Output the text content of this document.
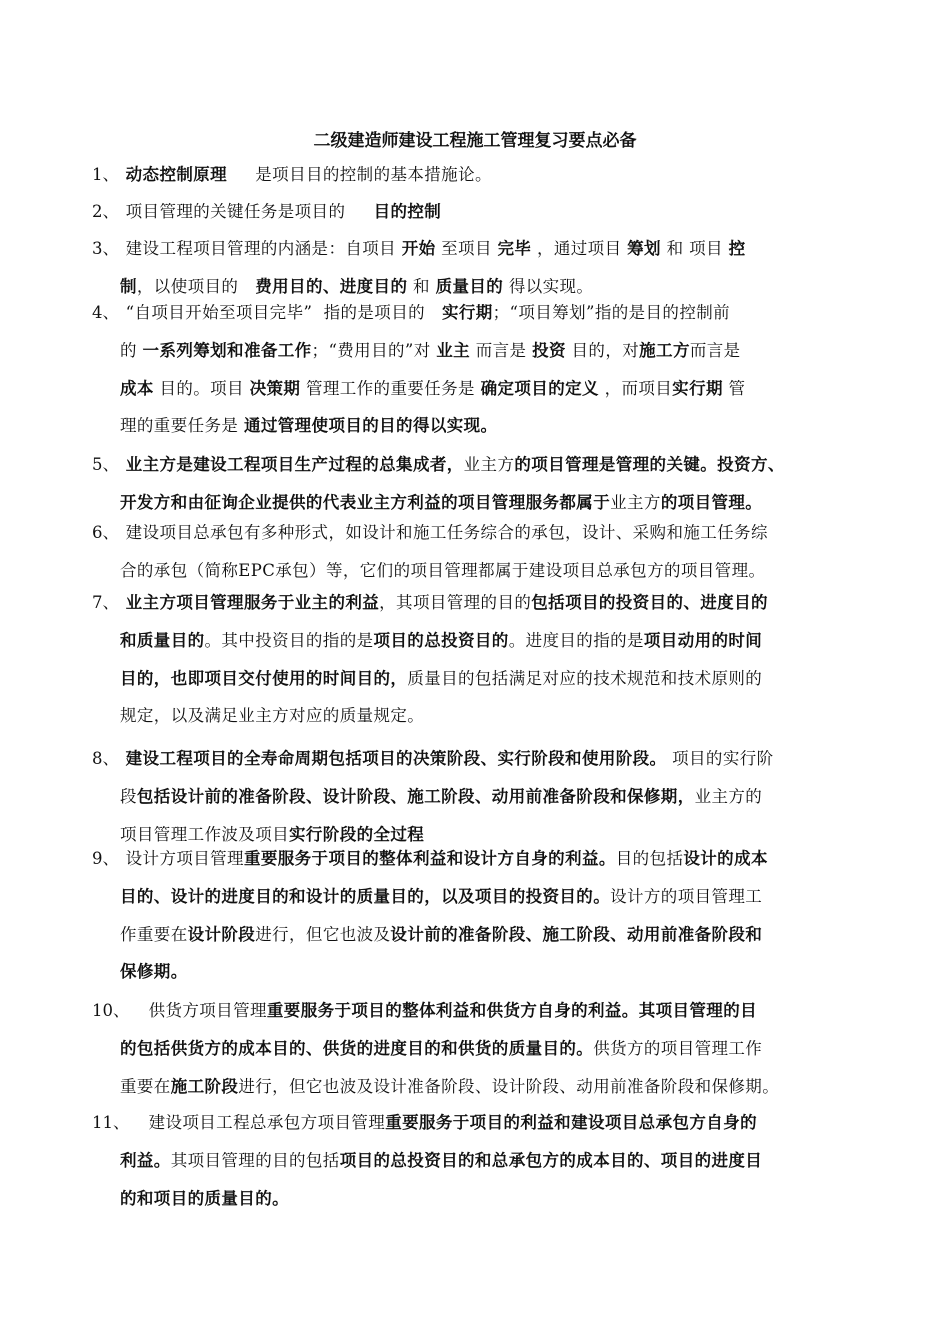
二级建造师建设工程施工管理复习要点必备
1、 动态控制原理     是项目目的控制的基本措施论。
2、 项目管理的关键任务是项目的     目的控制
3、 建设工程项目管理的内涵是：自项目 开始 至项目 完毕 ，通过项目 筹划 和 项目 控
制，以使项目的   费用目的、进度目的 和 质量目的 得以实现。
4、 “自项目开始至项目完毕”  指的是项目的   实行期；“项目筹划”指的是目的控制前
的 一系列筹划和准备工作；“费用目的”对 业主 而言是 投资 目的，对施工方而言是
成本 目的。项目 决策期 管理工作的重要任务是 确定项目的定义 ，而项目实行期 管
理的重要任务是 通过管理使项目的目的得以实现。
5、 业主方是建设工程项目生产过程的总集成者，业主方的项目管理是管理的关键。投资方、
开发方和由征询企业提供的代表业主方利益的项目管理服务都属于业主方的项目管理。
6、 建设项目总承包有多种形式，如设计和施工任务综合的承包，设计、采购和施工任务综
合的承包（简称EPC承包）等，它们的项目管理都属于建设项目总承包方的项目管理。
7、 业主方项目管理服务于业主的利益，其项目管理的目的包括项目的投资目的、进度目的
和质量目的。其中投资目的指的是项目的总投资目的。进度目的指的是项目动用的时间
目的，也即项目交付使用的时间目的，质量目的包括满足对应的技术规范和技术原则的
规定，以及满足业主方对应的质量规定。
8、 建设工程项目的全寿命周期包括项目的决策阶段、实行阶段和使用阶段。 项目的实行阶
段包括设计前的准备阶段、设计阶段、施工阶段、动用前准备阶段和保修期，业主方的
项目管理工作波及项目实行阶段的全过程
9、 设计方项目管理重要服务于项目的整体利益和设计方自身的利益。目的包括设计的成本
目的、设计的进度目的和设计的质量目的，以及项目的投资目的。设计方的项目管理工
作重要在设计阶段进行，但它也波及设计前的准备阶段、施工阶段、动用前准备阶段和
保修期。
10、
供货方项目管理重要服务于项目的整体利益和供货方自身的利益。其项目管理的目
的包括供货方的成本目的、供货的进度目的和供货的质量目的。供货方的项目管理工作
重要在施工阶段进行，但它也波及设计准备阶段、设计阶段、动用前准备阶段和保修期。
11、
建设项目工程总承包方项目管理重要服务于项目的利益和建设项目总承包方自身的
利益。其项目管理的目的包括项目的总投资目的和总承包方的成本目的、项目的进度目
的和项目的质量目的。
